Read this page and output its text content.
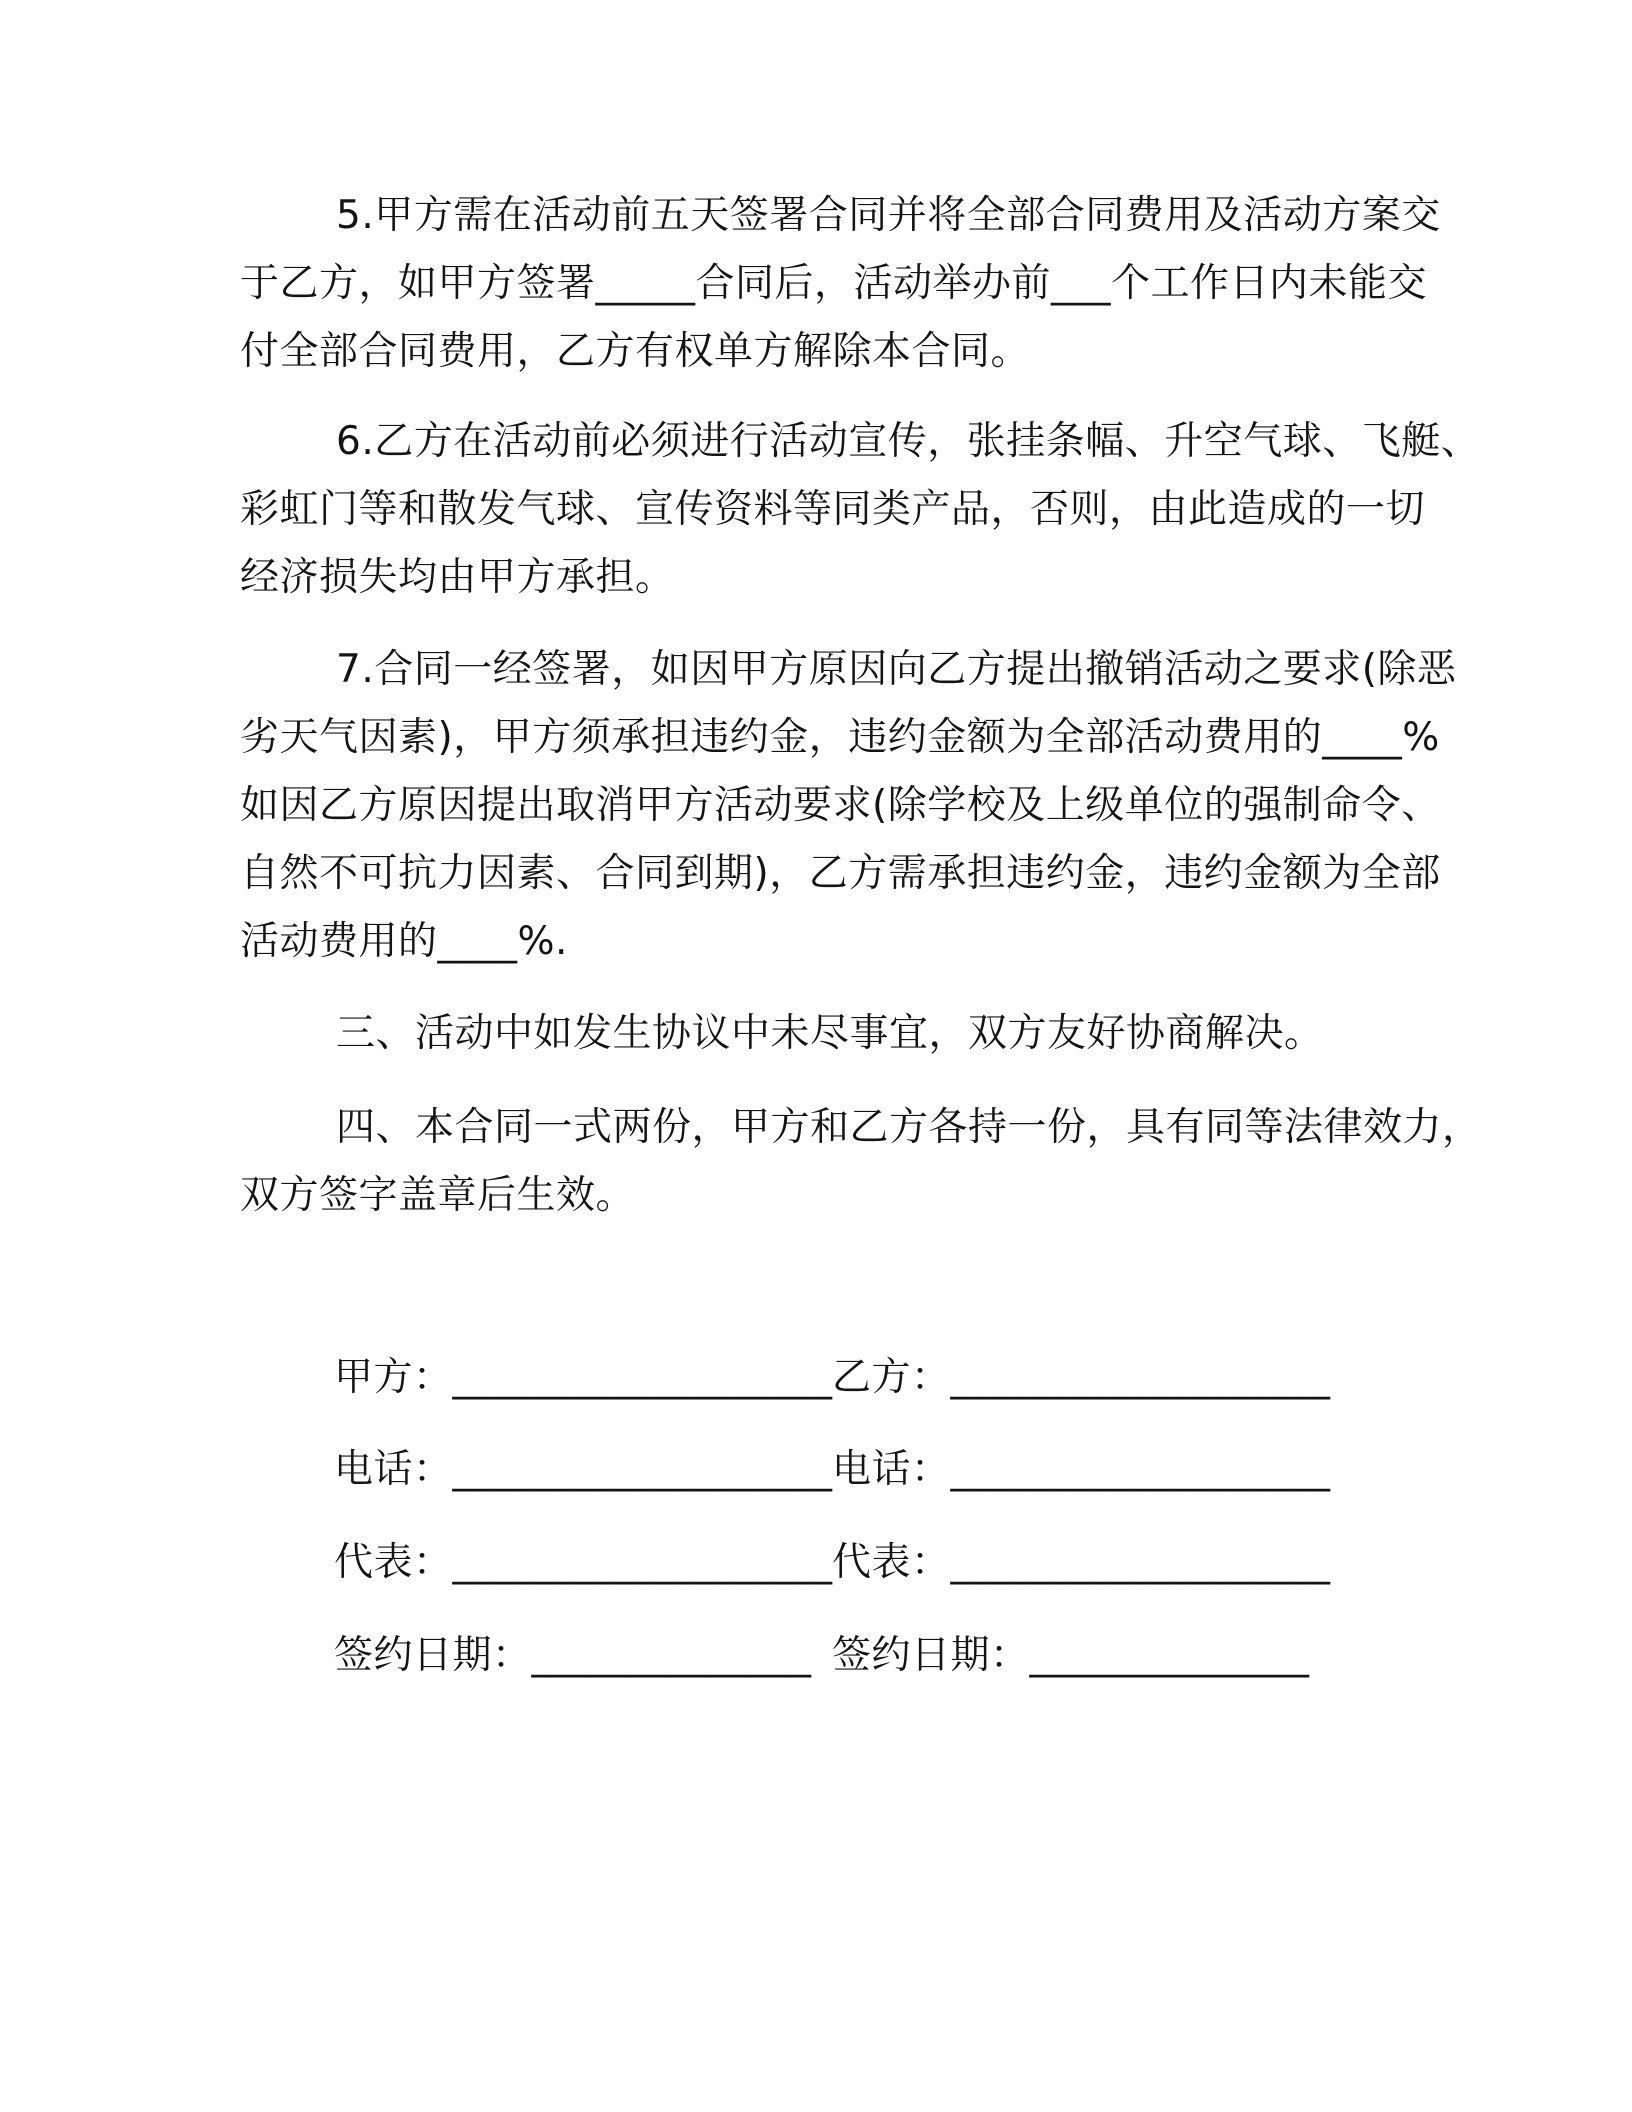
5.甲方需在活动前五天签署合同并将全部合同费用及活动方案交
于乙方，如甲方签署_____合同后，活动举办前___个工作日内未能交
付全部合同费用，乙方有权单方解除本合同。
6.乙方在活动前必须进行活动宣传，张挂条幅、升空气球、飞艇、
彩虹门等和散发气球、宣传资料等同类产品，否则，由此造成的一切
经济损失均由甲方承担。
7.合同一经签署，如因甲方原因向乙方提出撤销活动之要求(除恶
劣天气因素)，甲方须承担违约金，违约金额为全部活动费用的____%
如因乙方原因提出取消甲方活动要求(除学校及上级单位的强制命令、
自然不可抗力因素、合同到期)，乙方需承担违约金，违约金额为全部
活动费用的____%.
三、活动中如发生协议中未尽事宜，双方友好协商解决。
四、本合同一式两份，甲方和乙方各持一份，具有同等法律效力，
双方签字盖章后生效。
甲方：___________________ 乙方：___________________
电话：___________________ 电话：___________________
代表：___________________ 代表：___________________
签约日期：______________ 签约日期：______________
